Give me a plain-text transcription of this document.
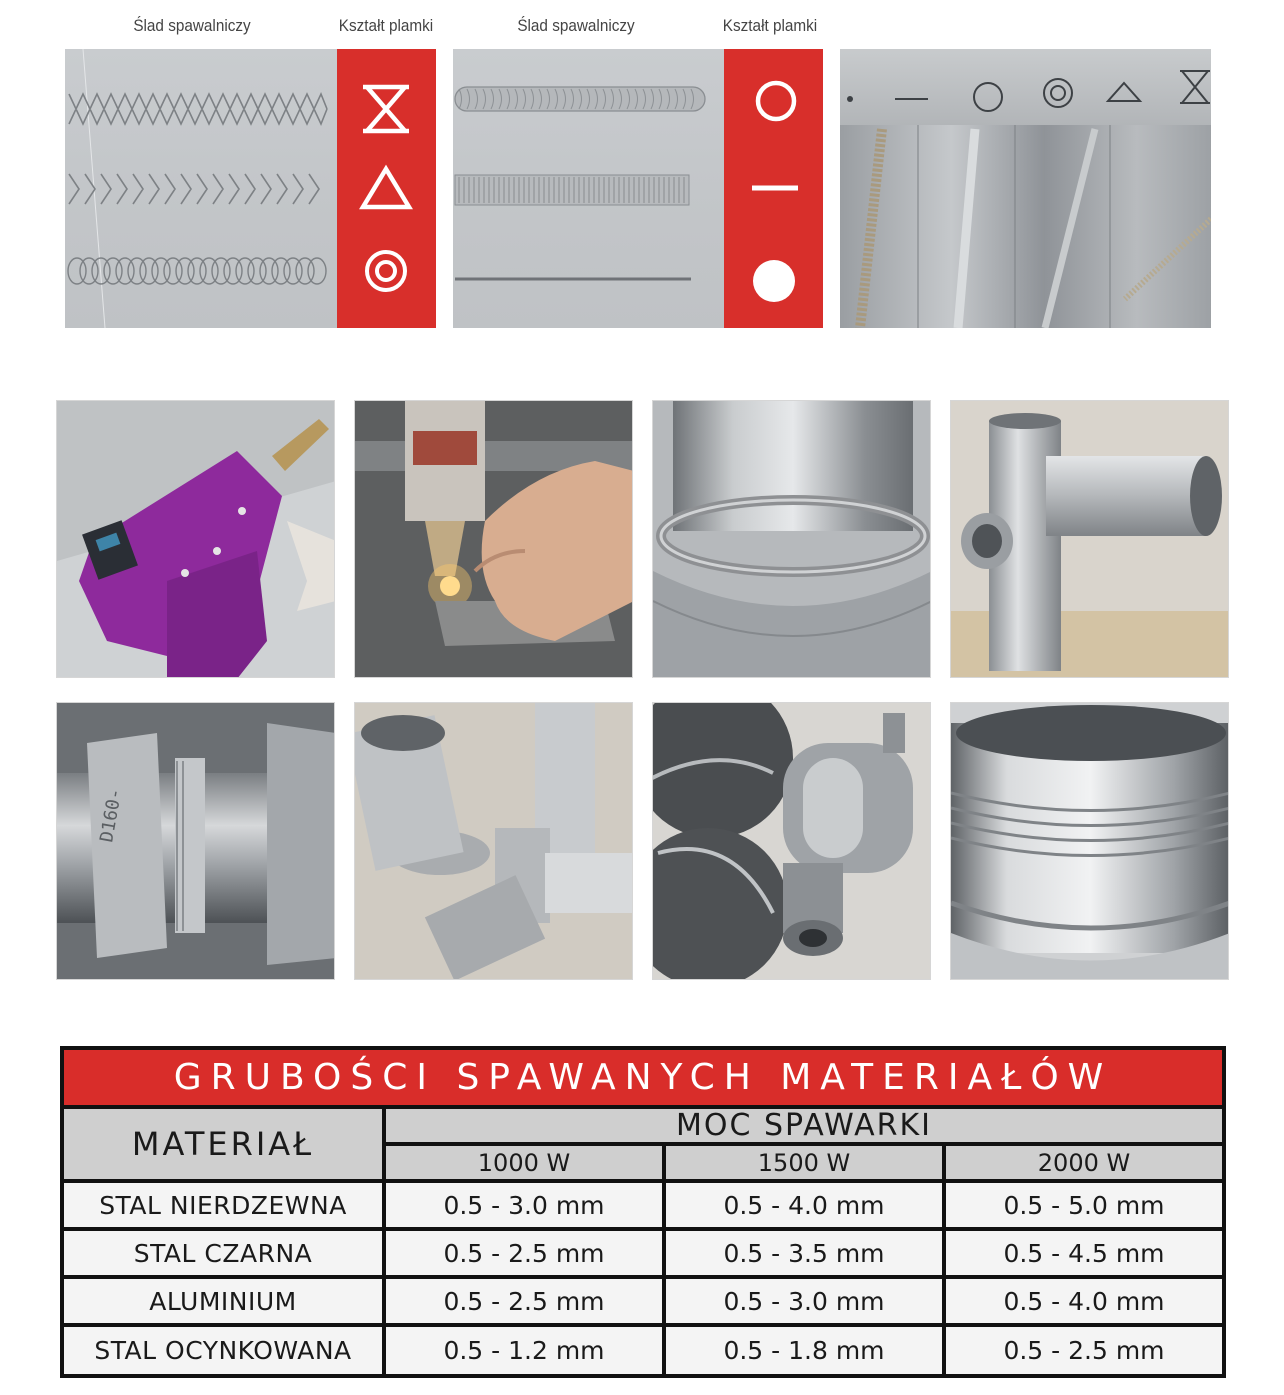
Ślad spawalniczy	Kształt plamki	Ślad spawalniczy	Kształt plamki
D160-
GRUBOŚCI SPAWANYCH MATERIAŁÓW
MATERIAŁ	MOC SPAWARKI
1000 W	1500 W	2000 W
STAL NIERDZEWNA	0.5 - 3.0 mm	0.5 - 4.0 mm	0.5 - 5.0 mm
STAL CZARNA	0.5 - 2.5 mm	0.5 - 3.5 mm	0.5 - 4.5 mm
ALUMINIUM	0.5 - 2.5 mm	0.5 - 3.0 mm	0.5 - 4.0 mm
STAL OCYNKOWANA	0.5 - 1.2 mm	0.5 - 1.8 mm	0.5 - 2.5 mm
